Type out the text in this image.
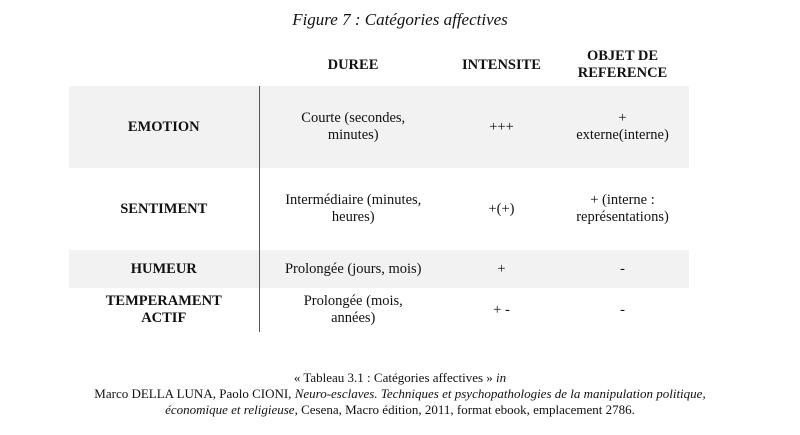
Figure 7 : Catégories affectives
	DUREE	INTENSITE	OBJET DE
REFERENCE
EMOTION	Courte (secondes,
minutes)	+++	+
externe(interne)
SENTIMENT	Intermédiaire (minutes,
heures)	+(+)	+ (interne :
représentations)
HUMEUR	Prolongée (jours, mois)	+	-
TEMPERAMENT
ACTIF	Prolongée (mois,
années)	+ -	-
« Tableau 3.1 : Catégories affectives » in
Marco DELLA LUNA, Paolo CIONI, Neuro-esclaves. Techniques et psychopathologies de la manipulation politique,
économique et religieuse, Cesena, Macro édition, 2011, format ebook, emplacement 2786.
